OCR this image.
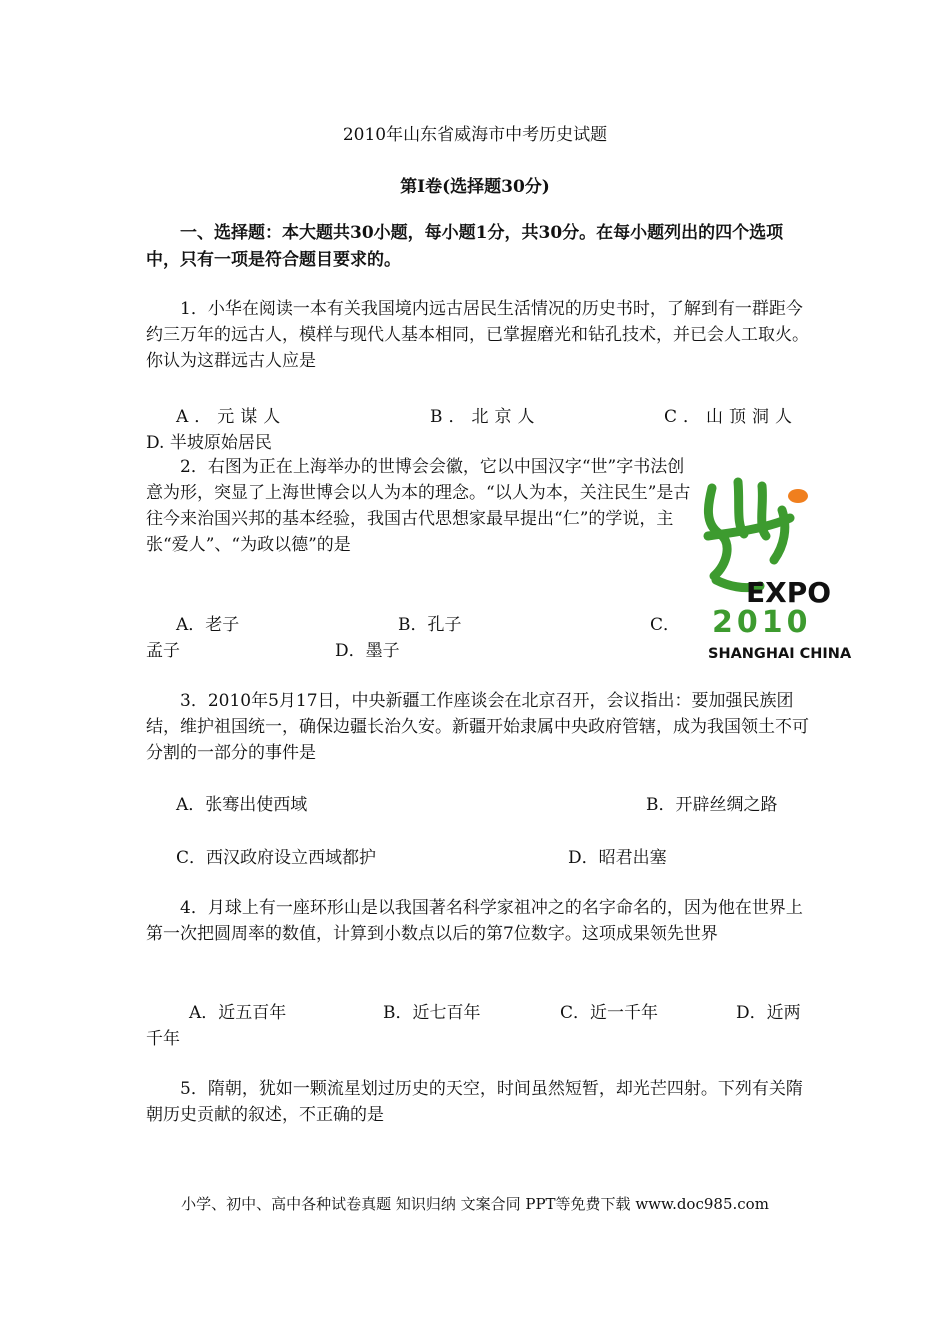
2010年山东省威海市中考历史试题
第Ⅰ卷(选择题30分)
一、选择题：本大题共30小题，每小题1分，共30分。在每小题列出的四个选项中，只有一项是符合题目要求的。
1．小华在阅读一本有关我国境内远古居民生活情况的历史书时，了解到有一群距今约三万年的远古人，模样与现代人基本相同，已掌握磨光和钻孔技术，并已会人工取火。你认为这群远古人应是
A．元谋人	B．北京人	C．山顶洞人
D. 半坡原始居民
2．右图为正在上海举办的世博会会徽，它以中国汉字“世”字书法创意为形，突显了上海世博会以人为本的理念。“以人为本，关注民生”是古往今来治国兴邦的基本经验，我国古代思想家最早提出“仁”的学说，主张“爱人”、“为政以德”的是
A．老子	B．孔子	C．
孟子	D．墨子
EXPO
2010
SHANGHAI CHINA
3．2010年5月17日，中央新疆工作座谈会在北京召开，会议指出：要加强民族团结，维护祖国统一，确保边疆长治久安。新疆开始隶属中央政府管辖，成为我国领土不可分割的一部分的事件是
A．张骞出使西域	B．开辟丝绸之路
C．西汉政府设立西域都护	D．昭君出塞
4．月球上有一座环形山是以我国著名科学家祖冲之的名字命名的，因为他在世界上第一次把圆周率的数值，计算到小数点以后的第7位数字。这项成果领先世界
A．近五百年	B．近七百年	C．近一千年	D．近两
千年
5．隋朝，犹如一颗流星划过历史的天空，时间虽然短暂，却光芒四射。下列有关隋朝历史贡献的叙述，不正确的是
小学、初中、高中各种试卷真题 知识归纳 文案合同 PPT等免费下载 www.doc985.com
